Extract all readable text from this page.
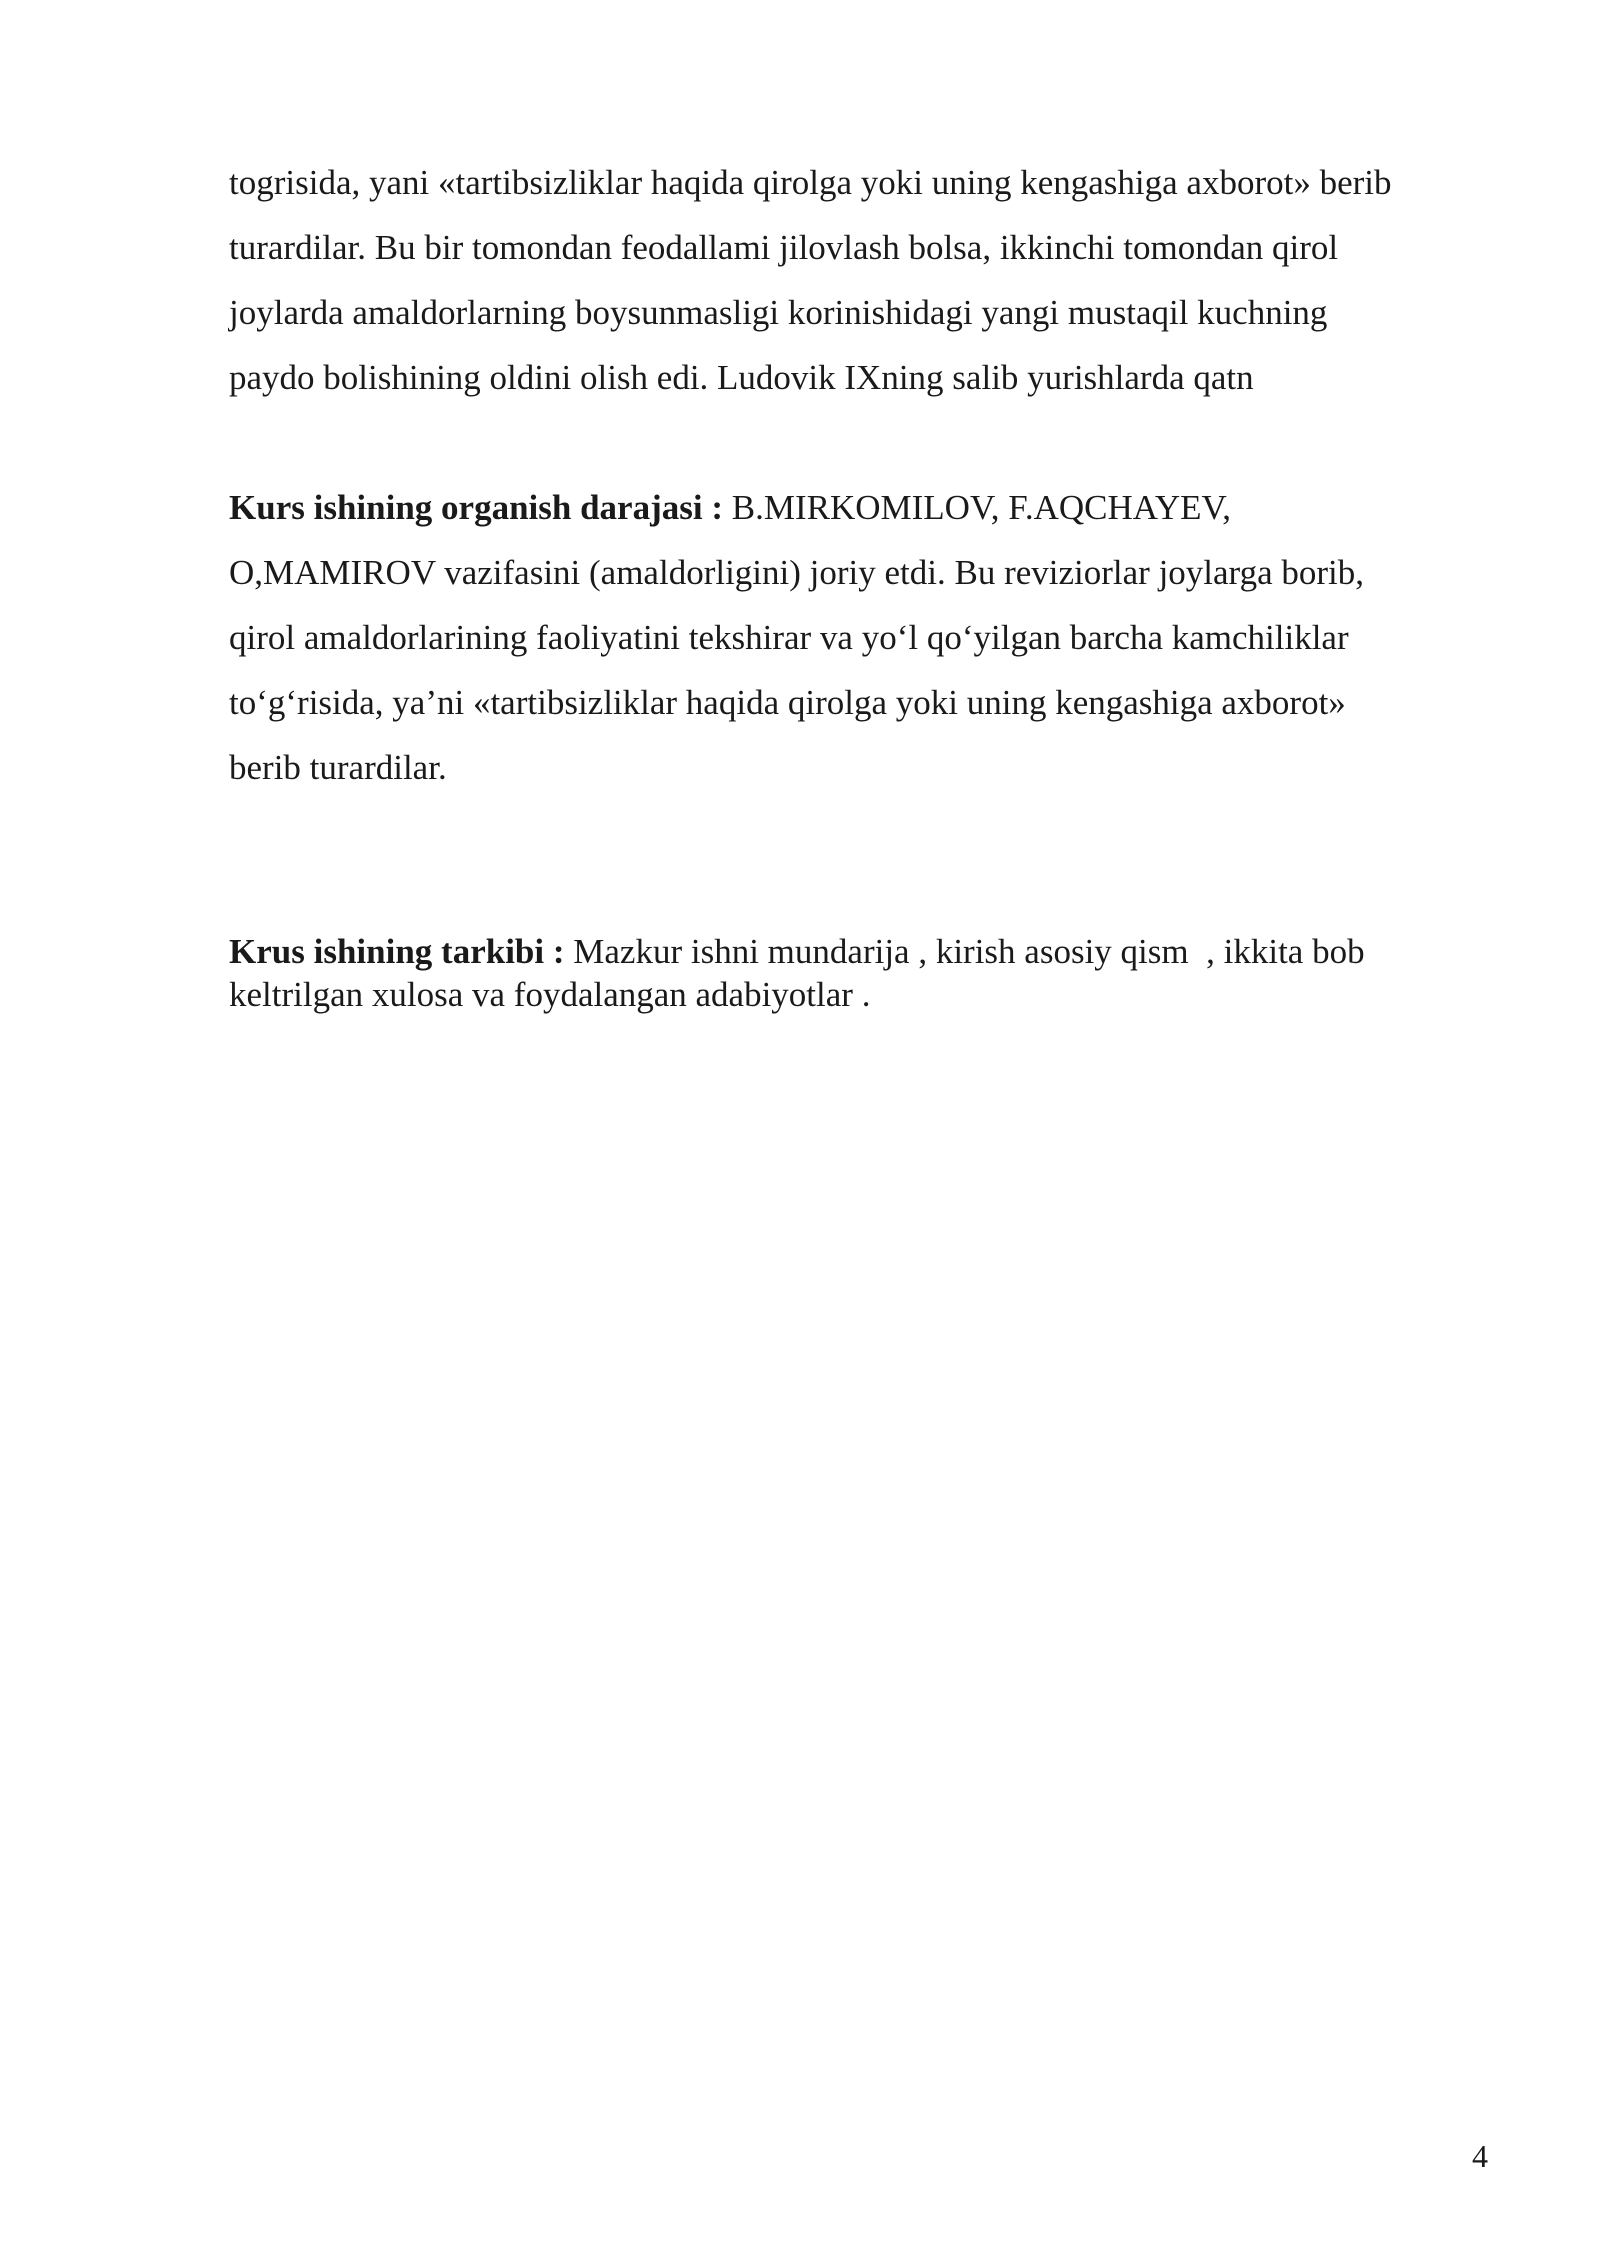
togrisida, yani «tartibsizliklar haqida qirolga yoki uning kengashiga axborot» berib
turardilar. Bu bir tomondan feodallami jilovlash bolsa, ikkinchi tomondan qirol
joylarda amaldorlarning boysunmasligi korinishidagi yangi mustaqil kuchning
paydo bolishining oldini olish edi. Ludovik IXning salib yurishlarda qatn

Kurs ishining organish darajasi : B.MIRKOMILOV, F.AQCHAYEV,
O,MAMIROV vazifasini (amaldorligini) joriy etdi. Bu reviziorlar joylarga borib,
qirol amaldorlarining faoliyatini tekshirar va yo‘l qo‘yilgan barcha kamchiliklar
to‘g‘risida, ya’ni «tartibsizliklar haqida qirolga yoki uning kengashiga axborot»
berib turardilar.

Krus ishining tarkibi : Mazkur ishni mundarija , kirish asosiy qism  , ikkita bob
keltrilgan xulosa va foydalangan adabiyotlar .

4
